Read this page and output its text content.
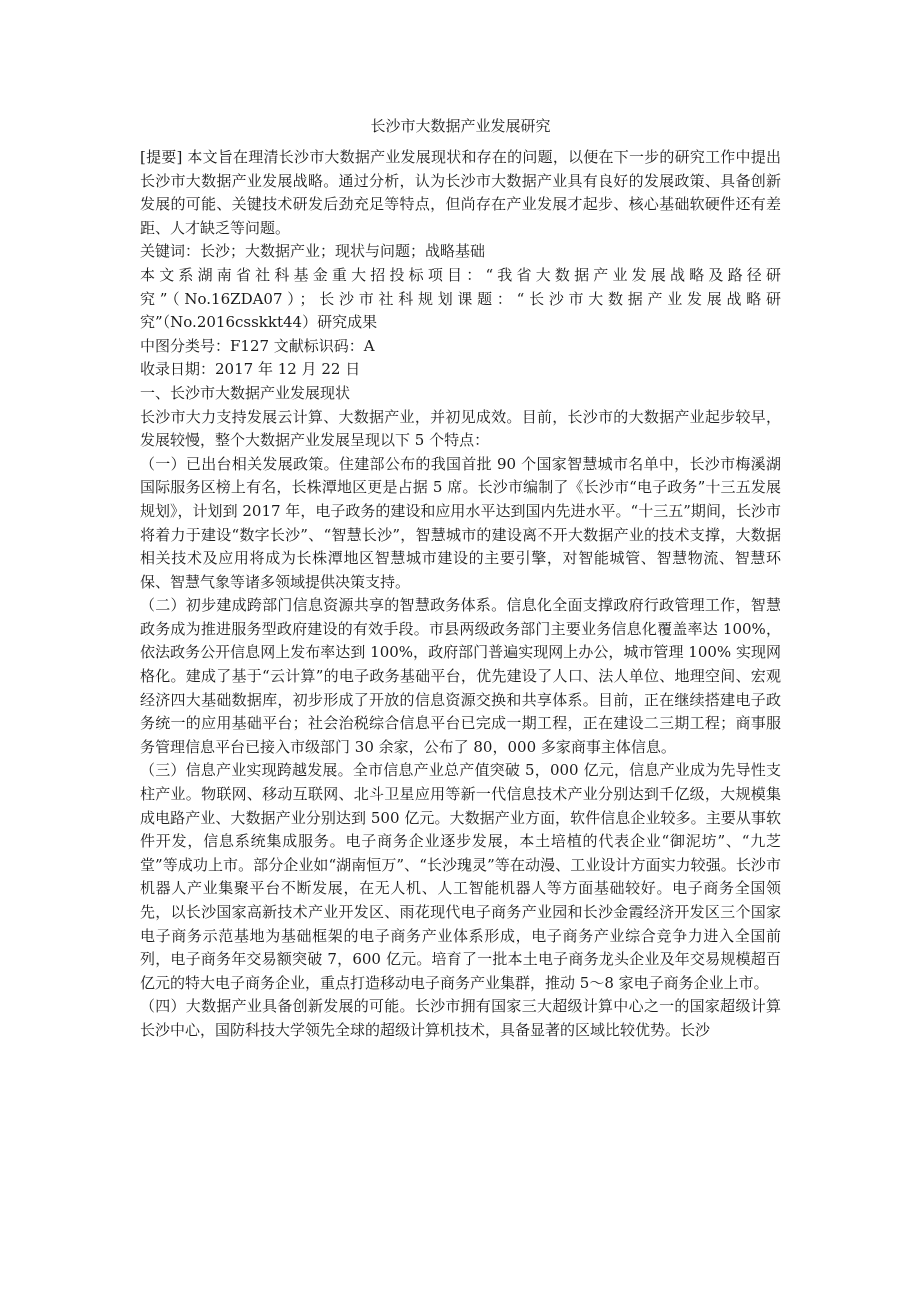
长沙市大数据产业发展研究

[提要] 本文旨在理清长沙市大数据产业发展现状和存在的问题，以便在下一步的研究工作中提出长沙市大数据产业发展战略。通过分析，认为长沙市大数据产业具有良好的发展政策、具备创新发展的可能、关键技术研发后劲充足等特点，但尚存在产业发展才起步、核心基础软硬件还有差距、人才缺乏等问题。

关键词：长沙；大数据产业；现状与问题；战略基础

本文系湖南省社科基金重大招投标项目：“我省大数据产业发展战略及路径研究”（No.16ZDA07）；长沙市社科规划课题：“长沙市大数据产业发展战略研究”（No.2016csskkt44）研究成果

中图分类号：F127 文献标识码：A

收录日期：2017 年 12 月 22 日

一、长沙市大数据产业发展现状

长沙市大力支持发展云计算、大数据产业，并初见成效。目前，长沙市的大数据产业起步较早，发展较慢，整个大数据产业发展呈现以下 5 个特点：

（一）已出台相关发展政策。住建部公布的我国首批 90 个国家智慧城市名单中，长沙市梅溪湖国际服务区榜上有名，长株潭地区更是占据 5 席。长沙市编制了《长沙市“电子政务”十三五发展规划》，计划到 2017 年，电子政务的建设和应用水平达到国内先进水平。“十三五”期间，长沙市将着力于建设“数字长沙”、“智慧长沙”，智慧城市的建设离不开大数据产业的技术支撑，大数据相关技术及应用将成为长株潭地区智慧城市建设的主要引擎，对智能城管、智慧物流、智慧环保、智慧气象等诸多领域提供决策支持。

（二）初步建成跨部门信息资源共享的智慧政务体系。信息化全面支撑政府行政管理工作，智慧政务成为推进服务型政府建设的有效手段。市县两级政务部门主要业务信息化覆盖率达 100%，依法政务公开信息网上发布率达到 100%，政府部门普遍实现网上办公，城市管理 100% 实现网格化。建成了基于“云计算”的电子政务基础平台，优先建设了人口、法人单位、地理空间、宏观经济四大基础数据库，初步形成了开放的信息资源交换和共享体系。目前，正在继续搭建电子政务统一的应用基础平台；社会治税综合信息平台已完成一期工程，正在建设二三期工程；商事服务管理信息平台已接入市级部门 30 余家，公布了 80，000 多家商事主体信息。

（三）信息产业实现跨越发展。全市信息产业总产值突破 5，000 亿元，信息产业成为先导性支柱产业。物联网、移动互联网、北斗卫星应用等新一代信息技术产业分别达到千亿级，大规模集成电路产业、大数据产业分别达到 500 亿元。大数据产业方面，软件信息企业较多。主要从事软件开发，信息系统集成服务。电子商务企业逐步发展，本土培植的代表企业“御泥坊”、“九芝堂”等成功上市。部分企业如“湖南恒万”、“长沙瑰灵”等在动漫、工业设计方面实力较强。长沙市机器人产业集聚平台不断发展，在无人机、人工智能机器人等方面基础较好。电子商务全国领先，以长沙国家高新技术产业开发区、雨花现代电子商务产业园和长沙金霞经济开发区三个国家电子商务示范基地为基础框架的电子商务产业体系形成，电子商务产业综合竞争力进入全国前列，电子商务年交易额突破 7，600 亿元。培育了一批本土电子商务龙头企业及年交易规模超百亿元的特大电子商务企业，重点打造移动电子商务产业集群，推动 5～8 家电子商务企业上市。

（四）大数据产业具备创新发展的可能。长沙市拥有国家三大超级计算中心之一的国家超级计算长沙中心，国防科技大学领先全球的超级计算机技术，具备显著的区域比较优势。长沙
